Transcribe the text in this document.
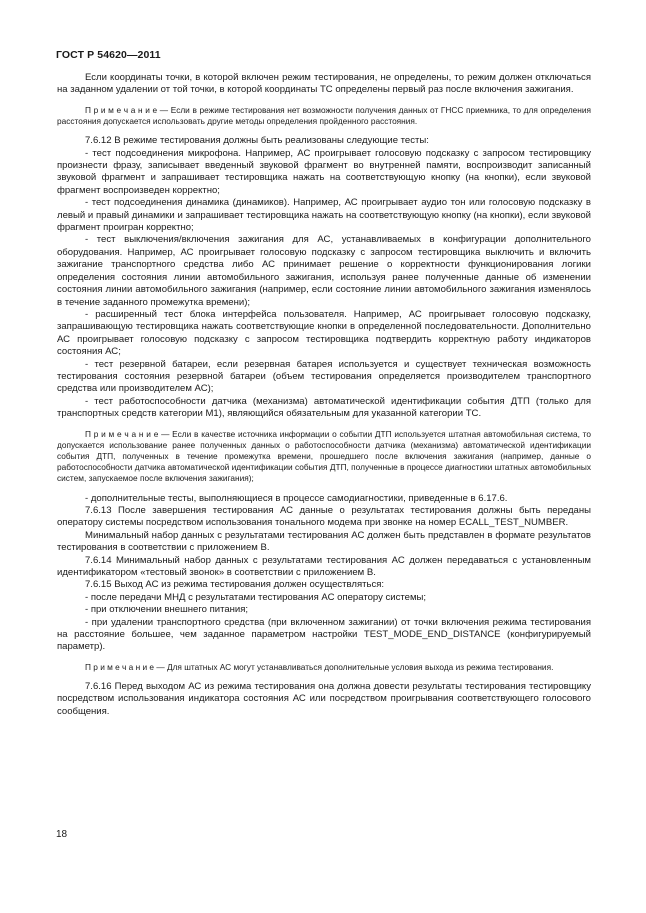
ГОСТ Р 54620—2011

Если координаты точки, в которой включен режим тестирования, не определены, то режим должен отключаться на заданном удалении от той точки, в которой координаты ТС определены первый раз после включения зажигания.

П р и м е ч а н и е — Если в режиме тестирования нет возможности получения данных от ГНСС приемника, то для определения расстояния допускается использовать другие методы определения пройденного расстояния.

7.6.12 В режиме тестирования должны быть реализованы следующие тесты:

- тест подсоединения микрофона. Например, АС проигрывает голосовую подсказку с запросом тестировщику произнести фразу, записывает введенный звуковой фрагмент во внутренней памяти, воспроизводит записанный звуковой фрагмент и запрашивает тестировщика нажать на соответствующую кнопку (на кнопки), если звуковой фрагмент воспроизведен корректно;

- тест подсоединения динамика (динамиков). Например, АС проигрывает аудио тон или голосовую подсказку в левый и правый динамики и запрашивает тестировщика нажать на соответствующую кнопку (на кнопки), если звуковой фрагмент проигран корректно;

- тест выключения/включения зажигания для АС, устанавливаемых в конфигурации дополнительного оборудования. Например, АС проигрывает голосовую подсказку с запросом тестировщика выключить и включить зажигание транспортного средства либо АС принимает решение о корректности функционирования логики определения состояния линии автомобильного зажигания, используя ранее полученные данные об изменении состояния линии автомобильного зажигания (например, если состояние линии автомобильного зажигания изменялось в течение заданного промежутка времени);

- расширенный тест блока интерфейса пользователя. Например, АС проигрывает голосовую подсказку, запрашивающую тестировщика нажать соответствующие кнопки в определенной последовательности. Дополнительно АС проигрывает голосовую подсказку с запросом тестировщика подтвердить корректную работу индикаторов состояния АС;

- тест резервной батареи, если резервная батарея используется и существует техническая возможность тестирования состояния резервной батареи (объем тестирования определяется производителем транспортного средства или производителем АС);

- тест работоспособности датчика (механизма) автоматической идентификации события ДТП (только для транспортных средств категории М1), являющийся обязательным для указанной категории ТС.

П р и м е ч а н и е — Если в качестве источника информации о событии ДТП используется штатная автомобильная система, то допускается использование ранее полученных данных о работоспособности датчика (механизма) автоматической идентификации события ДТП, полученных в течение промежутка времени, прошедшего после включения зажигания (например, данные о работоспособности датчика автоматической идентификации события ДТП, полученные в процессе диагностики штатных автомобильных систем, запускаемое после включения зажигания);

- дополнительные тесты, выполняющиеся в процессе самодиагностики, приведенные в 6.17.6.

7.6.13 После завершения тестирования АС данные о результатах тестирования должны быть переданы оператору системы посредством использования тонального модема при звонке на номер ECALL_TEST_NUMBER.

Минимальный набор данных с результатами тестирования АС должен быть представлен в формате результатов тестирования в соответствии с приложением В.

7.6.14 Минимальный набор данных с результатами тестирования АС должен передаваться с установленным идентификатором «тестовый звонок» в соответствии с приложением В.

7.6.15 Выход АС из режима тестирования должен осуществляться:

- после передачи МНД с результатами тестирования АС оператору системы;

- при отключении внешнего питания;

- при удалении транспортного средства (при включенном зажигании) от точки включения режима тестирования на расстояние большее, чем заданное параметром настройки TEST_MODE_END_DISTANCE (конфигурируемый параметр).

П р и м е ч а н и е — Для штатных АС могут устанавливаться дополнительные условия выхода из режима тестирования.

7.6.16 Перед выходом АС из режима тестирования она должна довести результаты тестирования тестировщику посредством использования индикатора состояния АС или посредством проигрывания соответствующего голосового сообщения.

18
